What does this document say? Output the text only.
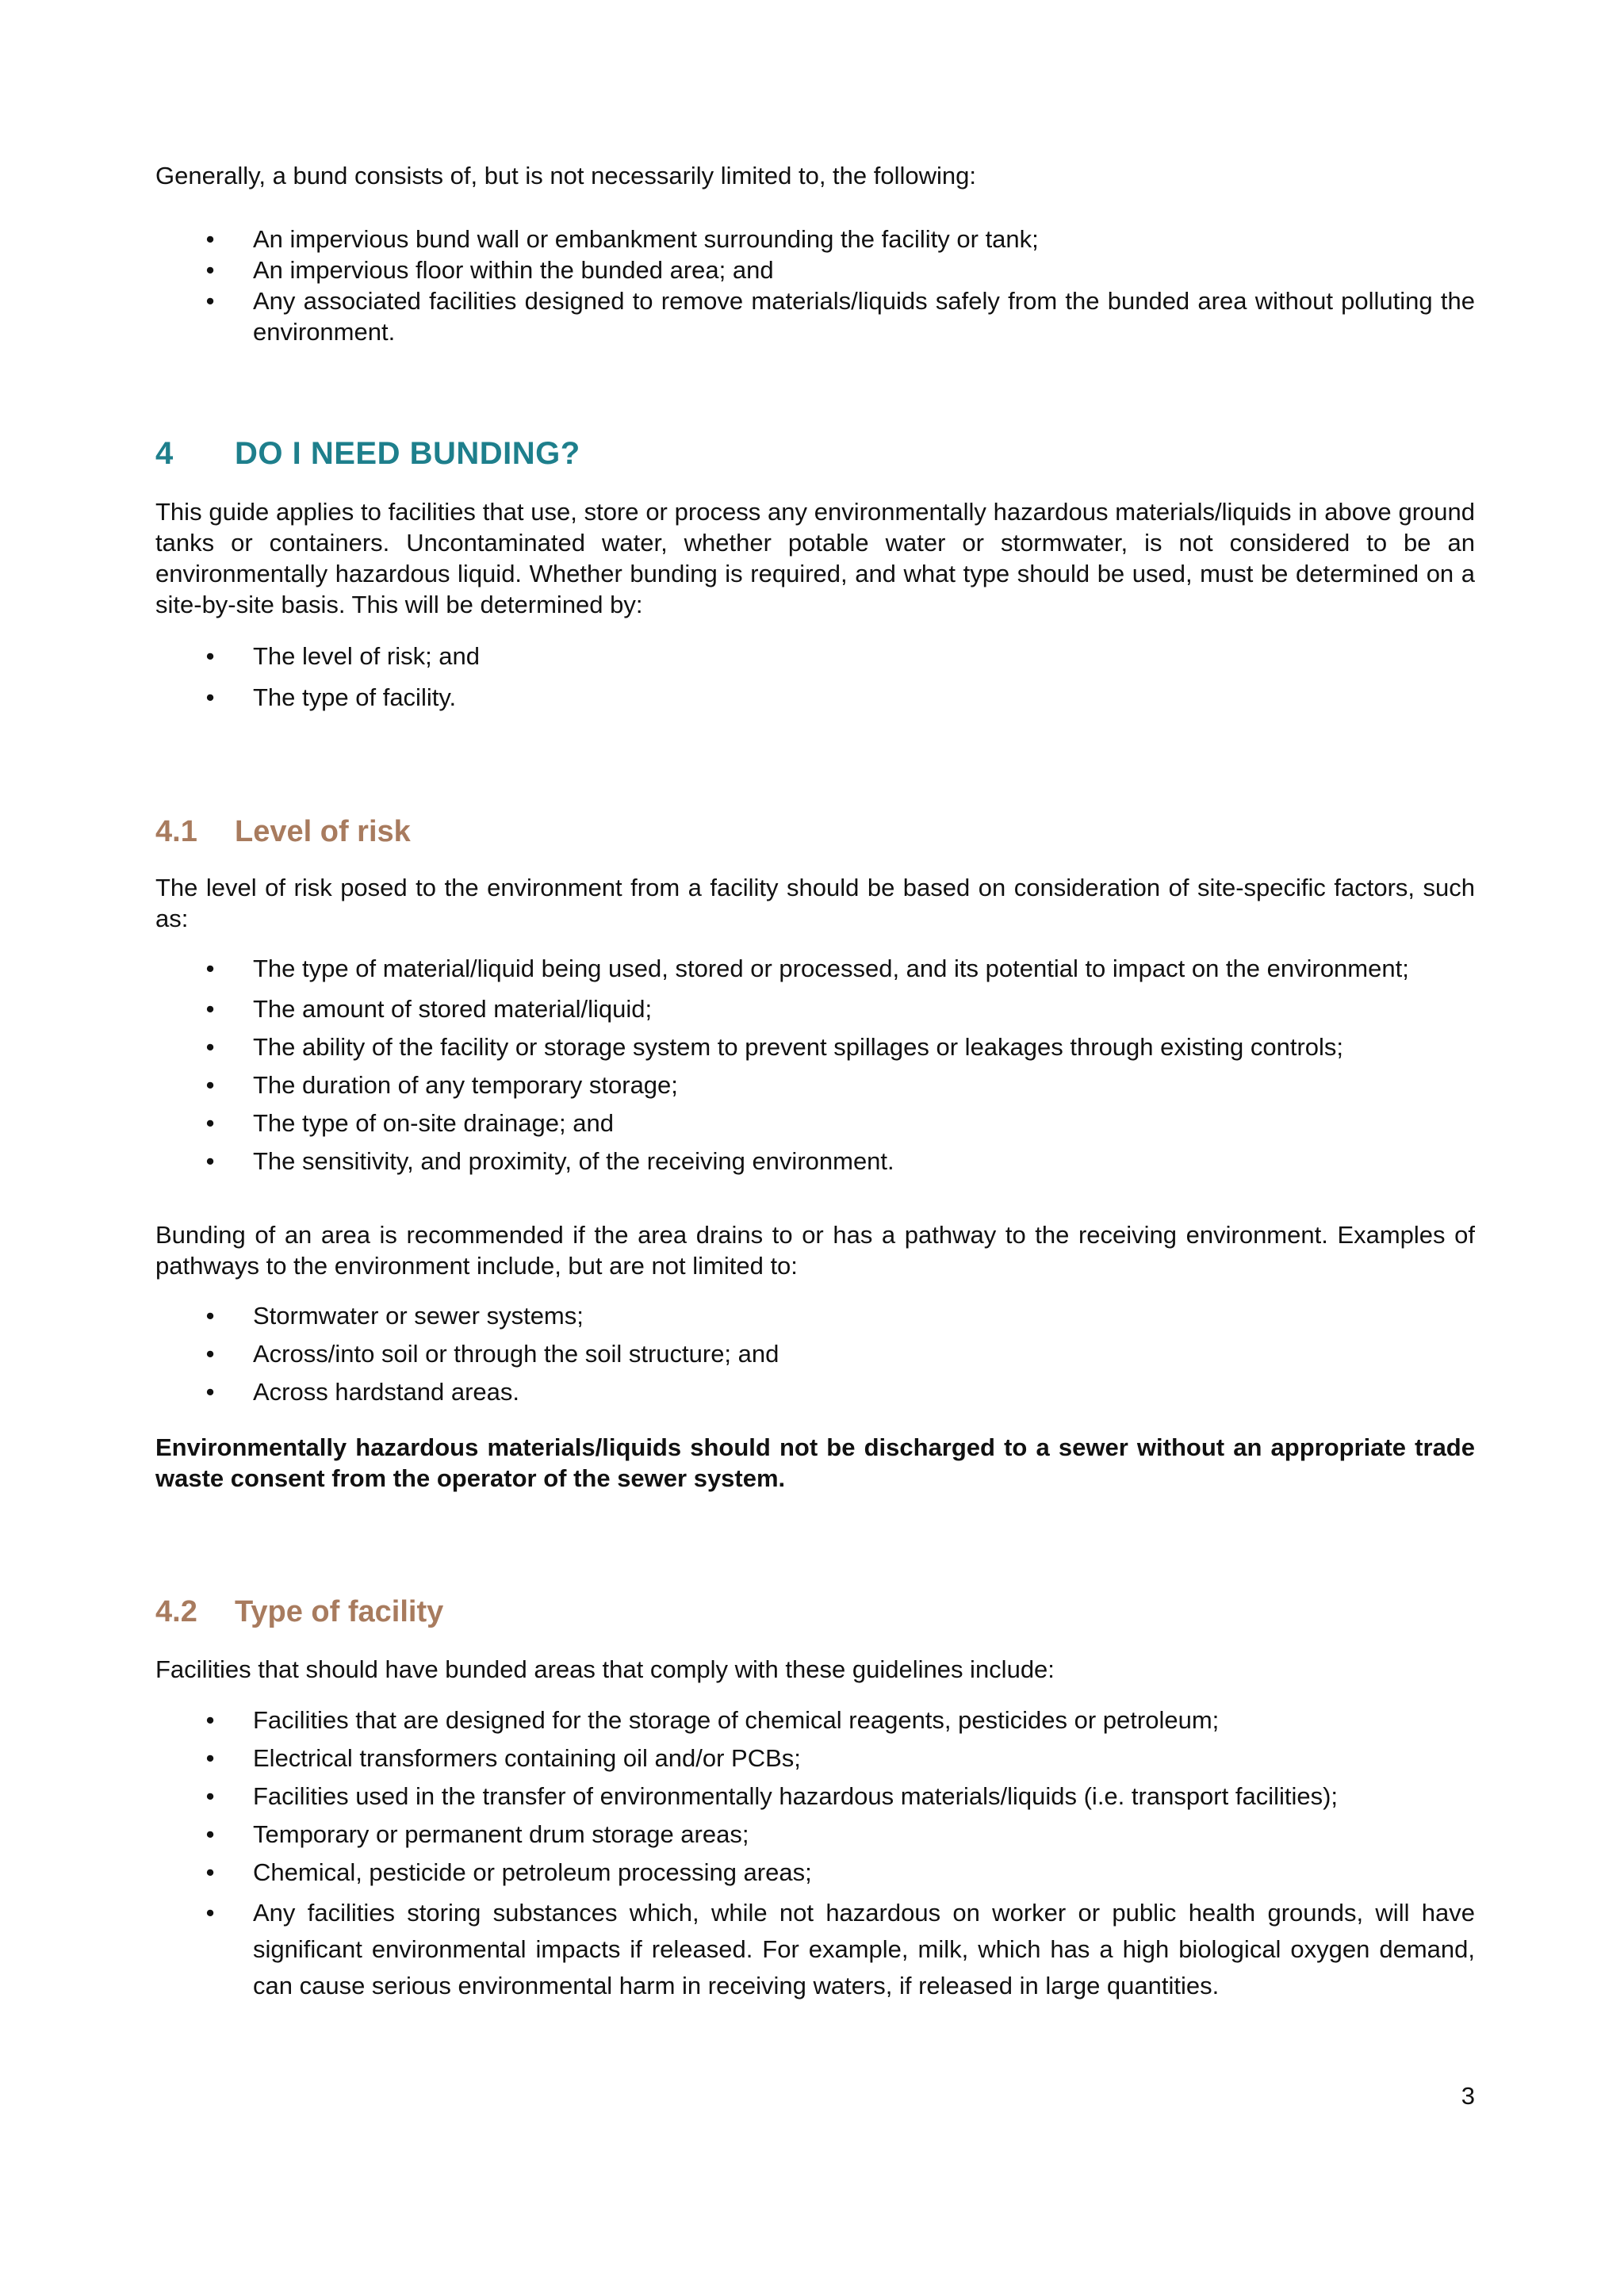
Generally, a bund consists of, but is not necessarily limited to, the following:

• An impervious bund wall or embankment surrounding the facility or tank;
• An impervious floor within the bunded area; and
• Any associated facilities designed to remove materials/liquids safely from the bunded area without polluting the environment.
4 DO I NEED BUNDING?

This guide applies to facilities that use, store or process any environmentally hazardous materials/liquids in above ground tanks or containers. Uncontaminated water, whether potable water or stormwater, is not considered to be an environmentally hazardous liquid. Whether bunding is required, and what type should be used, must be determined on a site-by-site basis. This will be determined by:

• The level of risk; and
• The type of facility.
4.1 Level of risk

The level of risk posed to the environment from a facility should be based on consideration of site-specific factors, such as:

• The type of material/liquid being used, stored or processed, and its potential to impact on the environment;
• The amount of stored material/liquid;
• The ability of the facility or storage system to prevent spillages or leakages through existing controls;
• The duration of any temporary storage;
• The type of on-site drainage; and
• The sensitivity, and proximity, of the receiving environment.

Bunding of an area is recommended if the area drains to or has a pathway to the receiving environment. Examples of pathways to the environment include, but are not limited to:

• Stormwater or sewer systems;
• Across/into soil or through the soil structure; and
• Across hardstand areas.

Environmentally hazardous materials/liquids should not be discharged to a sewer without an appropriate trade waste consent from the operator of the sewer system.

4.2 Type of facility

Facilities that should have bunded areas that comply with these guidelines include:

• Facilities that are designed for the storage of chemical reagents, pesticides or petroleum;
• Electrical transformers containing oil and/or PCBs;
• Facilities used in the transfer of environmentally hazardous materials/liquids (i.e. transport facilities);
• Temporary or permanent drum storage areas;
• Chemical, pesticide or petroleum processing areas;
• Any facilities storing substances which, while not hazardous on worker or public health grounds, will have significant environmental impacts if released. For example, milk, which has a high biological oxygen demand, can cause serious environmental harm in receiving waters, if released in large quantities.
3
